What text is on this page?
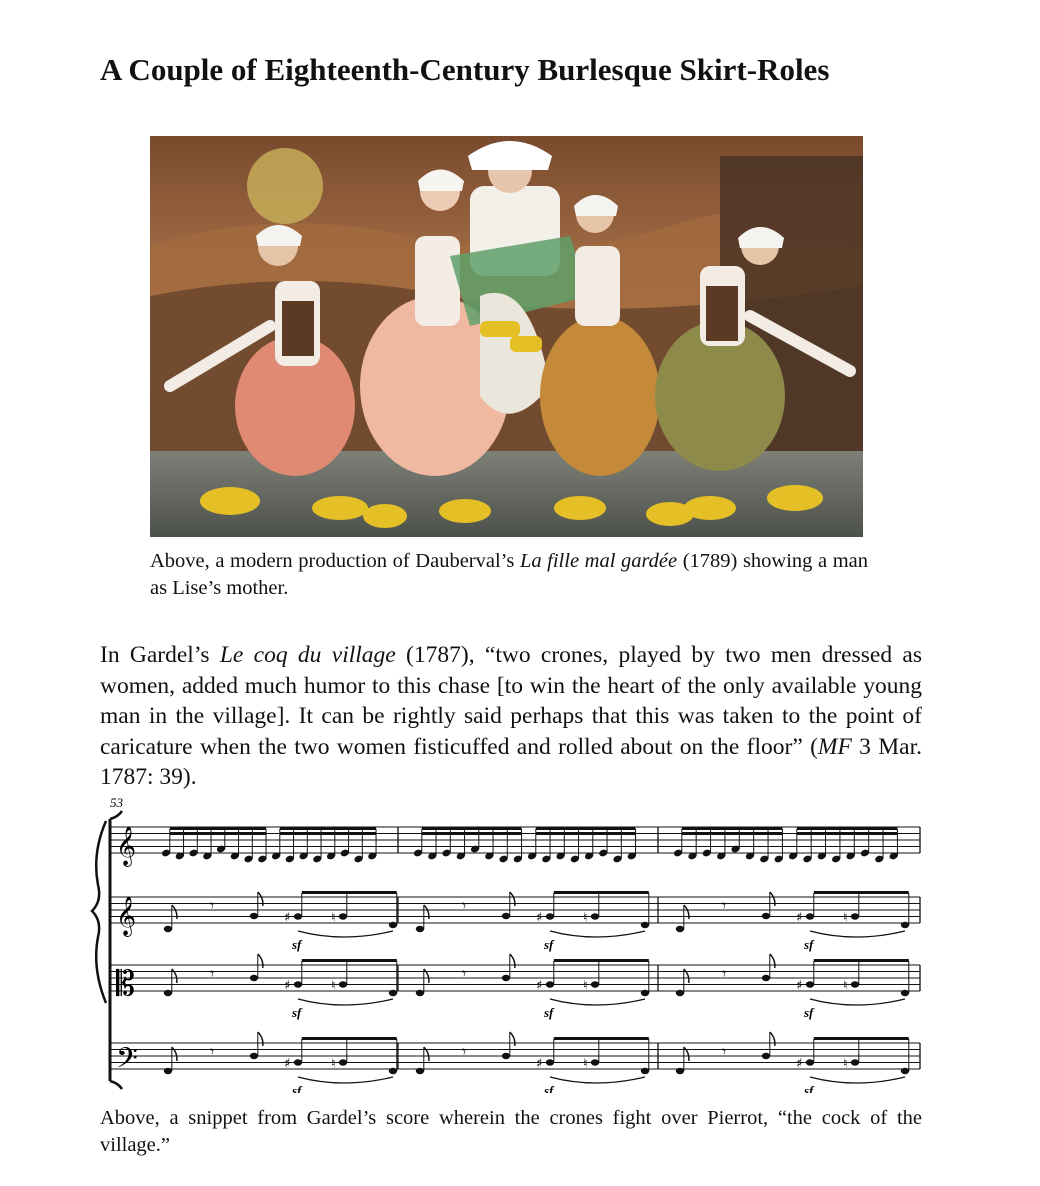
A Couple of Eighteenth-Century Burlesque Skirt-Roles

Above, a modern production of Dauberval’s La fille mal gardée (1789) showing a man as Lise’s mother.

In Gardel’s Le coq du village (1787), “two crones, played by two men dressed as women, added much humor to this chase [to win the heart of the only available young man in the village]. It can be rightly said perhaps that this was taken to the point of caricature when the two women fisticuffed and rolled about on the floor” (MF 3 Mar. 1787: 39).

53
𝄞
𝄞
𝄡
𝄢
𝄾
♯	♮
sf
𝄾
♯	♮
sf
𝄾
♯	♮
sf
𝄾
♯	♮
sf
𝄾
♯	♮
sf
𝄾
♯	♮
sf
𝄾
♯	♮
sf
𝄾
♯	♮
sf
𝄾
♯	♮
sf

Above, a snippet from Gardel’s score wherein the crones fight over Pierrot, “the cock of the village.”
